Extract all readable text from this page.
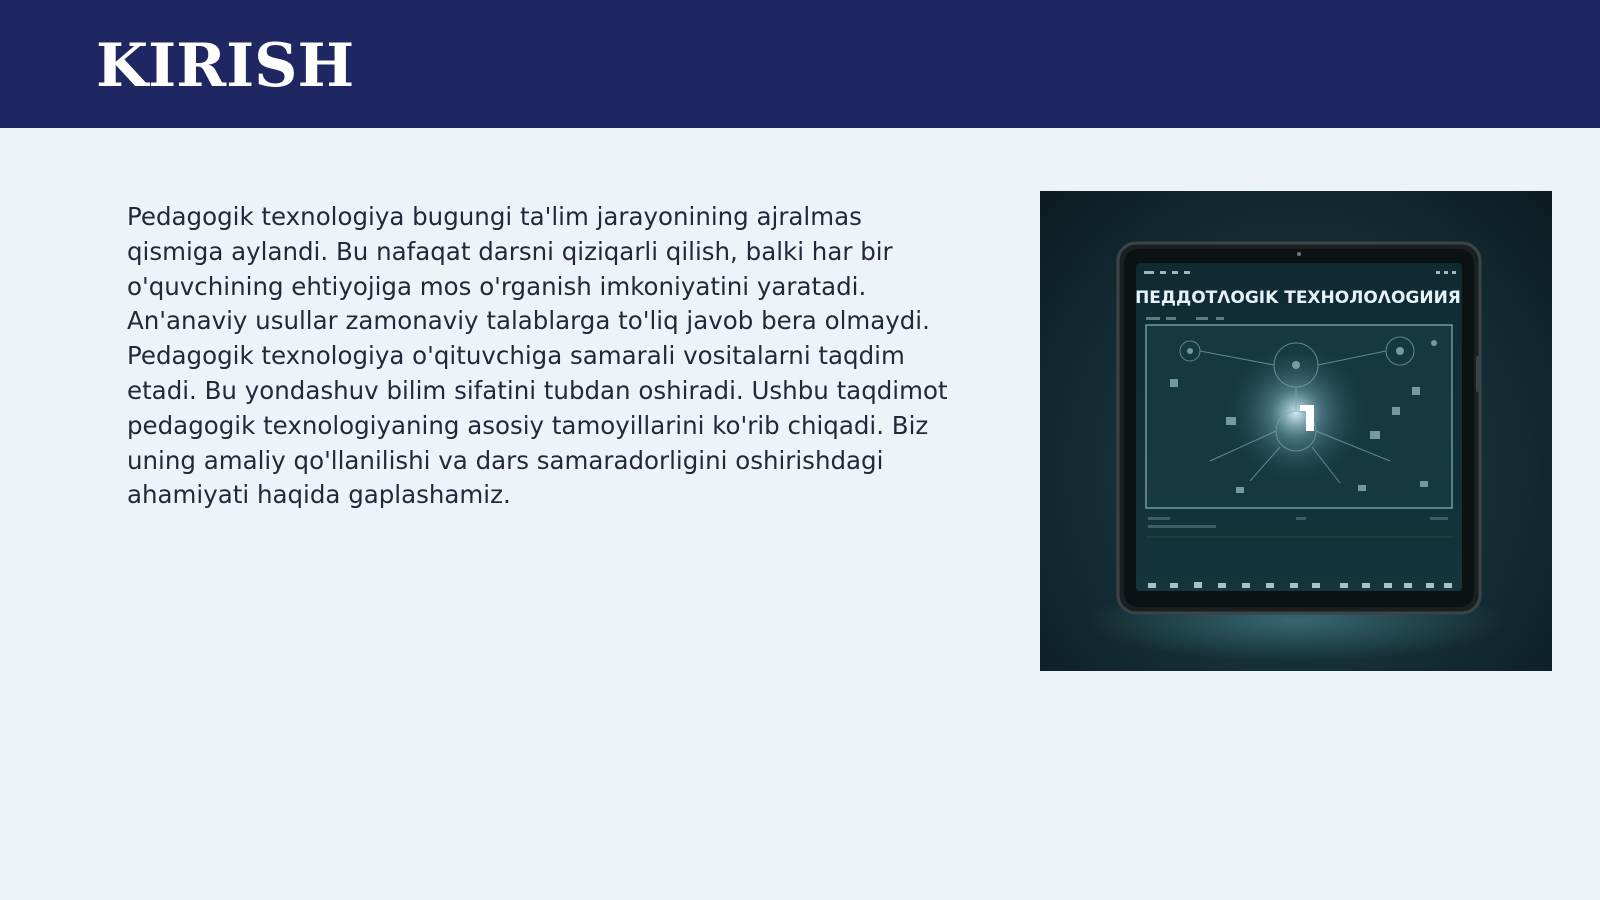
KIRISH

Pedagogik texnologiya bugungi ta'lim jarayonining ajralmas qismiga aylandi. Bu nafaqat darsni qiziqarli qilish, balki har bir o'quvchining ehtiyojiga mos o'rganish imkoniyatini yaratadi. An'anaviy usullar zamonaviy talablarga to'liq javob bera olmaydi. Pedagogik texnologiya o'qituvchiga samarali vositalarni taqdim etadi. Bu yondashuv bilim sifatini tubdan oshiradi. Ushbu taqdimot pedagogik texnologiyaning asosiy tamoyillarini ko'rib chiqadi. Biz uning amaliy qo'llanilishi va dars samaradorligini oshirishdagi ahamiyati haqida gaplashamiz.

ПЕДДОТɅOGIK TEXHOЛOɅOGИИЯ
